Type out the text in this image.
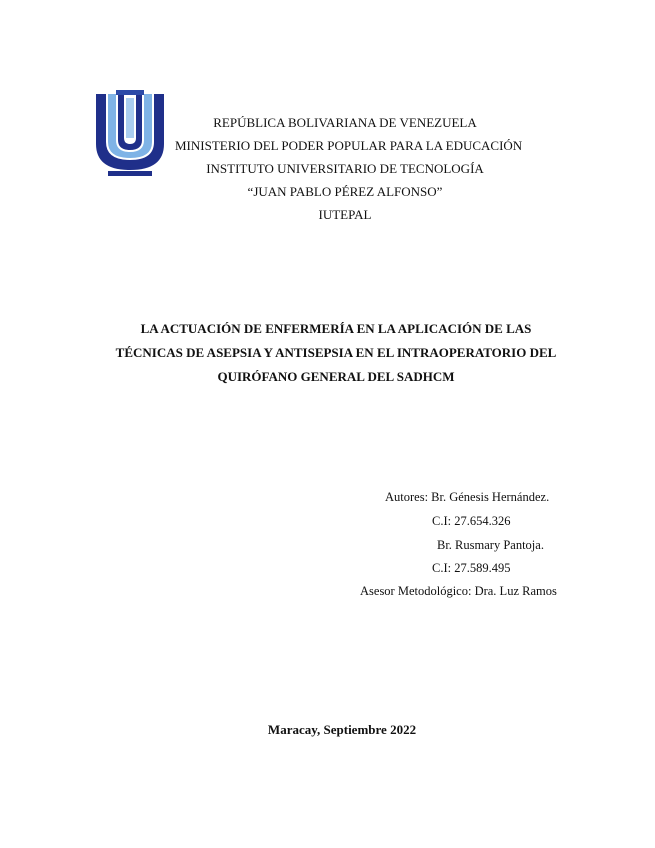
REPÚBLICA BOLIVARIANA DE VENEZUELA
MINISTERIO DEL PODER POPULAR PARA LA EDUCACIÓN
INSTITUTO UNIVERSITARIO DE TECNOLOGÍA
“JUAN PABLO PÉREZ ALFONSO”
IUTEPAL
LA ACTUACIÓN DE ENFERMERÍA EN LA APLICACIÓN DE LAS
TÉCNICAS DE ASEPSIA Y ANTISEPSIA EN EL INTRAOPERATORIO DEL
QUIRÓFANO GENERAL DEL SADHCM
Autores: Br. Génesis Hernández.
C.I: 27.654.326
Br. Rusmary Pantoja.
C.I: 27.589.495
Asesor Metodológico: Dra. Luz Ramos
Maracay, Septiembre 2022
